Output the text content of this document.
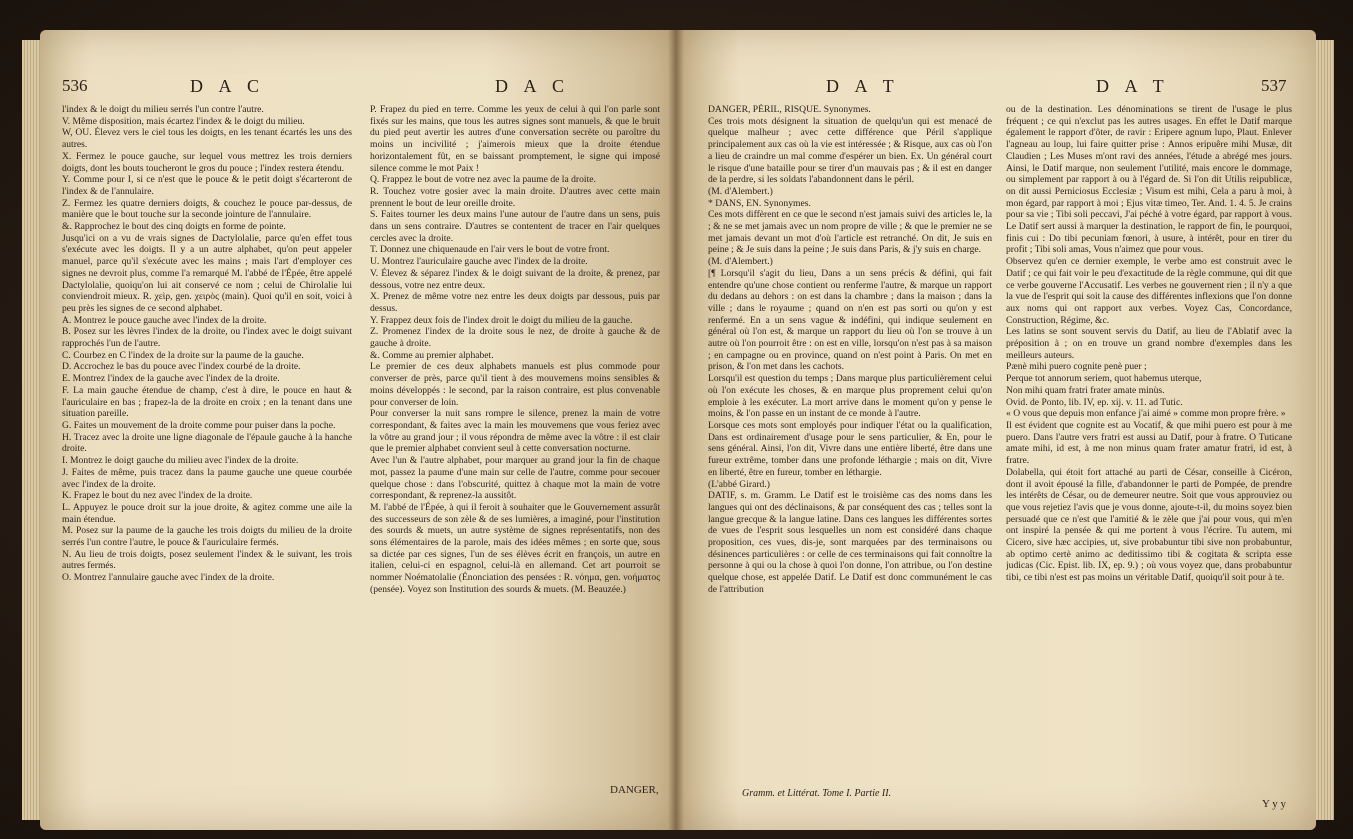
536	D A C	D A C

l'index & le doigt du milieu serrés l'un contre l'autre.

V. Même disposition, mais écartez l'index & le doigt du milieu.

W, OU. Élevez vers le ciel tous les doigts, en les tenant écartés les uns des autres.

X. Fermez le pouce gauche, sur lequel vous mettrez les trois derniers doigts, dont les bouts toucheront le gros du pouce ; l'index restera étendu.

Y. Comme pour I, si ce n'est que le pouce & le petit doigt s'écarteront de l'index & de l'annulaire.

Z. Fermez les quatre derniers doigts, & couchez le pouce par-dessus, de manière que le bout touche sur la seconde jointure de l'annulaire.

&. Rapprochez le bout des cinq doigts en forme de pointe.

Jusqu'ici on a vu de vrais signes de Dactylolalie, parce qu'en effet tous s'exécute avec les doigts. Il y a un autre alphabet, qu'on peut appeler manuel, parce qu'il s'exécute avec les mains ; mais l'art d'employer ces signes ne devroit plus, comme l'a remarqué M. l'abbé de l'Épée, être appelé Dactylolalie, quoiqu'on lui ait conservé ce nom ; celui de Chirolalie lui conviendroit mieux. R. χεὶρ, gen. χειρὸς (main). Quoi qu'il en soit, voici à peu près les signes de ce second alphabet.

A. Montrez le pouce gauche avec l'index de la droite.

B. Posez sur les lèvres l'index de la droite, ou l'index avec le doigt suivant rapprochés l'un de l'autre.

C. Courbez en C l'index de la droite sur la paume de la gauche.

D. Accrochez le bas du pouce avec l'index courbé de la droite.

E. Montrez l'index de la gauche avec l'index de la droite.

F. La main gauche étendue de champ, c'est à dire, le pouce en haut & l'auriculaire en bas ; frapez-la de la droite en croix ; en la tenant dans une situation pareille.

G. Faites un mouvement de la droite comme pour puiser dans la poche.

H. Tracez avec la droite une ligne diagonale de l'épaule gauche à la hanche droite.

I. Montrez le doigt gauche du milieu avec l'index de la droite.

J. Faites de même, puis tracez dans la paume gauche une queue courbée avec l'index de la droite.

K. Frapez le bout du nez avec l'index de la droite.

L. Appuyez le pouce droit sur la joue droite, & agitez comme une aile la main étendue.

M. Posez sur la paume de la gauche les trois doigts du milieu de la droite serrés l'un contre l'autre, le pouce & l'auriculaire fermés.

N. Au lieu de trois doigts, posez seulement l'index & le suivant, les trois autres fermés.

O. Montrez l'annulaire gauche avec l'index de la droite.

P. Frapez du pied en terre. Comme les yeux de celui à qui l'on parle sont fixés sur les mains, que tous les autres signes sont manuels, & que le bruit du pied peut avertir les autres d'une conversation secrète ou paroître du moins un incivilité ; j'aimerois mieux que la droite étendue horizontalement fût, en se baissant promptement, le signe qui imposé silence comme le mot Paix !

Q. Frappez le bout de votre nez avec la paume de la droite.

R. Touchez votre gosier avec la main droite. D'autres avec cette main prennent le bout de leur oreille droite.

S. Faites tourner les deux mains l'une autour de l'autre dans un sens, puis dans un sens contraire. D'autres se contentent de tracer en l'air quelques cercles avec la droite.

T. Donnez une chiquenaude en l'air vers le bout de votre front.

U. Montrez l'auriculaire gauche avec l'index de la droite.

V. Élevez & séparez l'index & le doigt suivant de la droite, & prenez, par dessous, votre nez entre deux.

X. Prenez de même votre nez entre les deux doigts par dessous, puis par dessus.

Y. Frappez deux fois de l'index droit le doigt du milieu de la gauche.

Z. Promenez l'index de la droite sous le nez, de droite à gauche & de gauche à droite.

&. Comme au premier alphabet.

Le premier de ces deux alphabets manuels est plus commode pour converser de près, parce qu'il tient à des mouvemens moins sensibles & moins développés : le second, par la raison contraire, est plus convenable pour converser de loin.

Pour converser la nuit sans rompre le silence, prenez la main de votre correspondant, & faites avec la main les mouvemens que vous feriez avec la vôtre au grand jour ; il vous répondra de même avec la vôtre : il est clair que le premier alphabet convient seul à cette conversation nocturne.

Avec l'un & l'autre alphabet, pour marquer au grand jour la fin de chaque mot, passez la paume d'une main sur celle de l'autre, comme pour secouer quelque chose : dans l'obscurité, quittez à chaque mot la main de votre correspondant, & reprenez-la aussitôt.

M. l'abbé de l'Épée, à qui il feroit à souhaiter que le Gouvernement assurât des successeurs de son zèle & de ses lumières, a imaginé, pour l'institution des sourds & muets, un autre système de signes représentatifs, non des sons élémentaires de la parole, mais des idées mêmes ; en sorte que, sous sa dictée par ces signes, l'un de ses élèves écrit en françois, un autre en italien, celui-ci en espagnol, celui-là en allemand. Cet art pourroit se nommer Noématolalie (Énonciation des pensées : R. νόημα, gen. νοήματος (pensée). Voyez son Institution des sourds & muets. (M. Beauzée.)

DANGER,
D A T	D A T	537

DANGER, PÉRIL, RISQUE. Synonymes.

Ces trois mots désignent la situation de quelqu'un qui est menacé de quelque malheur ; avec cette différence que Péril s'applique principalement aux cas où la vie est intéressée ; & Risque, aux cas où l'on a lieu de craindre un mal comme d'espérer un bien. Ex. Un général court le risque d'une bataille pour se tirer d'un mauvais pas ; & il est en danger de la perdre, si les soldats l'abandonnent dans le péril.

(M. d'Alembert.)

* DANS, EN. Synonymes.

Ces mots diffèrent en ce que le second n'est jamais suivi des articles le, la ; & ne se met jamais avec un nom propre de ville ; & que le premier ne se met jamais devant un mot d'où l'article est retranché. On dit, Je suis en peine ; & Je suis dans la peine ; Je suis dans Paris, & j'y suis en charge.

(M. d'Alembert.)

[¶ Lorsqu'il s'agit du lieu, Dans a un sens précis & défini, qui fait entendre qu'une chose contient ou renferme l'autre, & marque un rapport du dedans au dehors : on est dans la chambre ; dans la maison ; dans la ville ; dans le royaume ; quand on n'en est pas sorti ou qu'on y est renfermé. En a un sens vague & indéfini, qui indique seulement en général où l'on est, & marque un rapport du lieu où l'on se trouve à un autre où l'on pourroit être : on est en ville, lorsqu'on n'est pas à sa maison ; en campagne ou en province, quand on n'est point à Paris. On met en prison, & l'on met dans les cachots.

Lorsqu'il est question du temps ; Dans marque plus particulièrement celui où l'on exécute les choses, & en marque plus proprement celui qu'on emploie à les exécuter. La mort arrive dans le moment qu'on y pense le moins, & l'on passe en un instant de ce monde à l'autre.

Lorsque ces mots sont employés pour indiquer l'état ou la qualification, Dans est ordinairement d'usage pour le sens particulier, & En, pour le sens général. Ainsi, l'on dit, Vivre dans une entière liberté, être dans une fureur extrême, tomber dans une profonde léthargie ; mais on dit, Vivre en liberté, être en fureur, tomber en léthargie.

(L'abbé Girard.)

DATIF, s. m. Gramm. Le Datif est le troisième cas des noms dans les langues qui ont des déclinaisons, & par conséquent des cas ; telles sont la langue grecque & la langue latine. Dans ces langues les différentes sortes de vues de l'esprit sous lesquelles un nom est considéré dans chaque proposition, ces vues, dis-je, sont marquées par des terminaisons ou désinences particulières : or celle de ces terminaisons qui fait connoître la personne à qui ou la chose à quoi l'on donne, l'on attribue, ou l'on destine quelque chose, est appelée Datif. Le Datif est donc communément le cas de l'attribution

Gramm. et Littérat. Tome I. Partie II.

ou de la destination. Les dénominations se tirent de l'usage le plus fréquent ; ce qui n'exclut pas les autres usages. En effet le Datif marque également le rapport d'ôter, de ravir : Eripere agnum lupo, Plaut. Enlever l'agneau au loup, lui faire quitter prise : Annos eripuêre mihi Musæ, dit Claudien ; Les Muses m'ont ravi des années, l'étude a abrégé mes jours. Ainsi, le Datif marque, non seulement l'utilité, mais encore le dommage, ou simplement par rapport à ou à l'égard de. Si l'on dit Utilis reipublicæ, on dit aussi Perniciosus Ecclesiæ ; Visum est mihi, Cela a paru à moi, à mon égard, par rapport à moi ; Ejus vitæ timeo, Ter. And. 1. 4. 5. Je crains pour sa vie ; Tibi soli peccavi, J'ai péché à votre égard, par rapport à vous. Le Datif sert aussi à marquer la destination, le rapport de fin, le pourquoi, finis cui : Do tibi pecuniam fœnori, à usure, à intérêt, pour en tirer du profit ; Tibi soli amas, Vous n'aimez que pour vous.

Observez qu'en ce dernier exemple, le verbe amo est construit avec le Datif ; ce qui fait voir le peu d'exactitude de la règle commune, qui dit que ce verbe gouverne l'Accusatif. Les verbes ne gouvernent rien ; il n'y a que la vue de l'esprit qui soit la cause des différentes inflexions que l'on donne aux noms qui ont rapport aux verbes. Voyez Cas, Concordance, Construction, Régime, &c.

Les latins se sont souvent servis du Datif, au lieu de l'Ablatif avec la préposition à ; on en trouve un grand nombre d'exemples dans les meilleurs auteurs.

Pænè mihi puero cognite penè puer ;

Perque tot annorum seriem, quot habemus uterque,

Non mihi quam fratri frater amate minùs.

Ovid. de Ponto, lib. IV, ep. xij. v. 11. ad Tutic.

« O vous que depuis mon enfance j'ai aimé » comme mon propre frère. »

Il est évident que cognite est au Vocatif, & que mihi puero est pour à me puero. Dans l'autre vers fratri est aussi au Datif, pour à fratre. O Tuticane amate mihi, id est, à me non minus quam frater amatur fratri, id est, à fratre.

Dolabella, qui étoit fort attaché au parti de César, conseille à Cicéron, dont il avoit épousé la fille, d'abandonner le parti de Pompée, de prendre les intérêts de César, ou de demeurer neutre. Soit que vous approuviez ou que vous rejetiez l'avis que je vous donne, ajoute-t-il, du moins soyez bien persuadé que ce n'est que l'amitié & le zèle que j'ai pour vous, qui m'en ont inspiré la pensée & qui me portent à vous l'écrire. Tu autem, mi Cicero, sive hæc accipies, ut, sive probabuntur tibi sive non probabuntur, ab optimo certè animo ac deditissimo tibi & cogitata & scripta esse judicas (Cic. Epist. lib. IX, ep. 9.) ; où vous voyez que, dans probabuntur tibi, ce tibi n'est est pas moins un véritable Datif, quoiqu'il soit pour à te.

Y y y
